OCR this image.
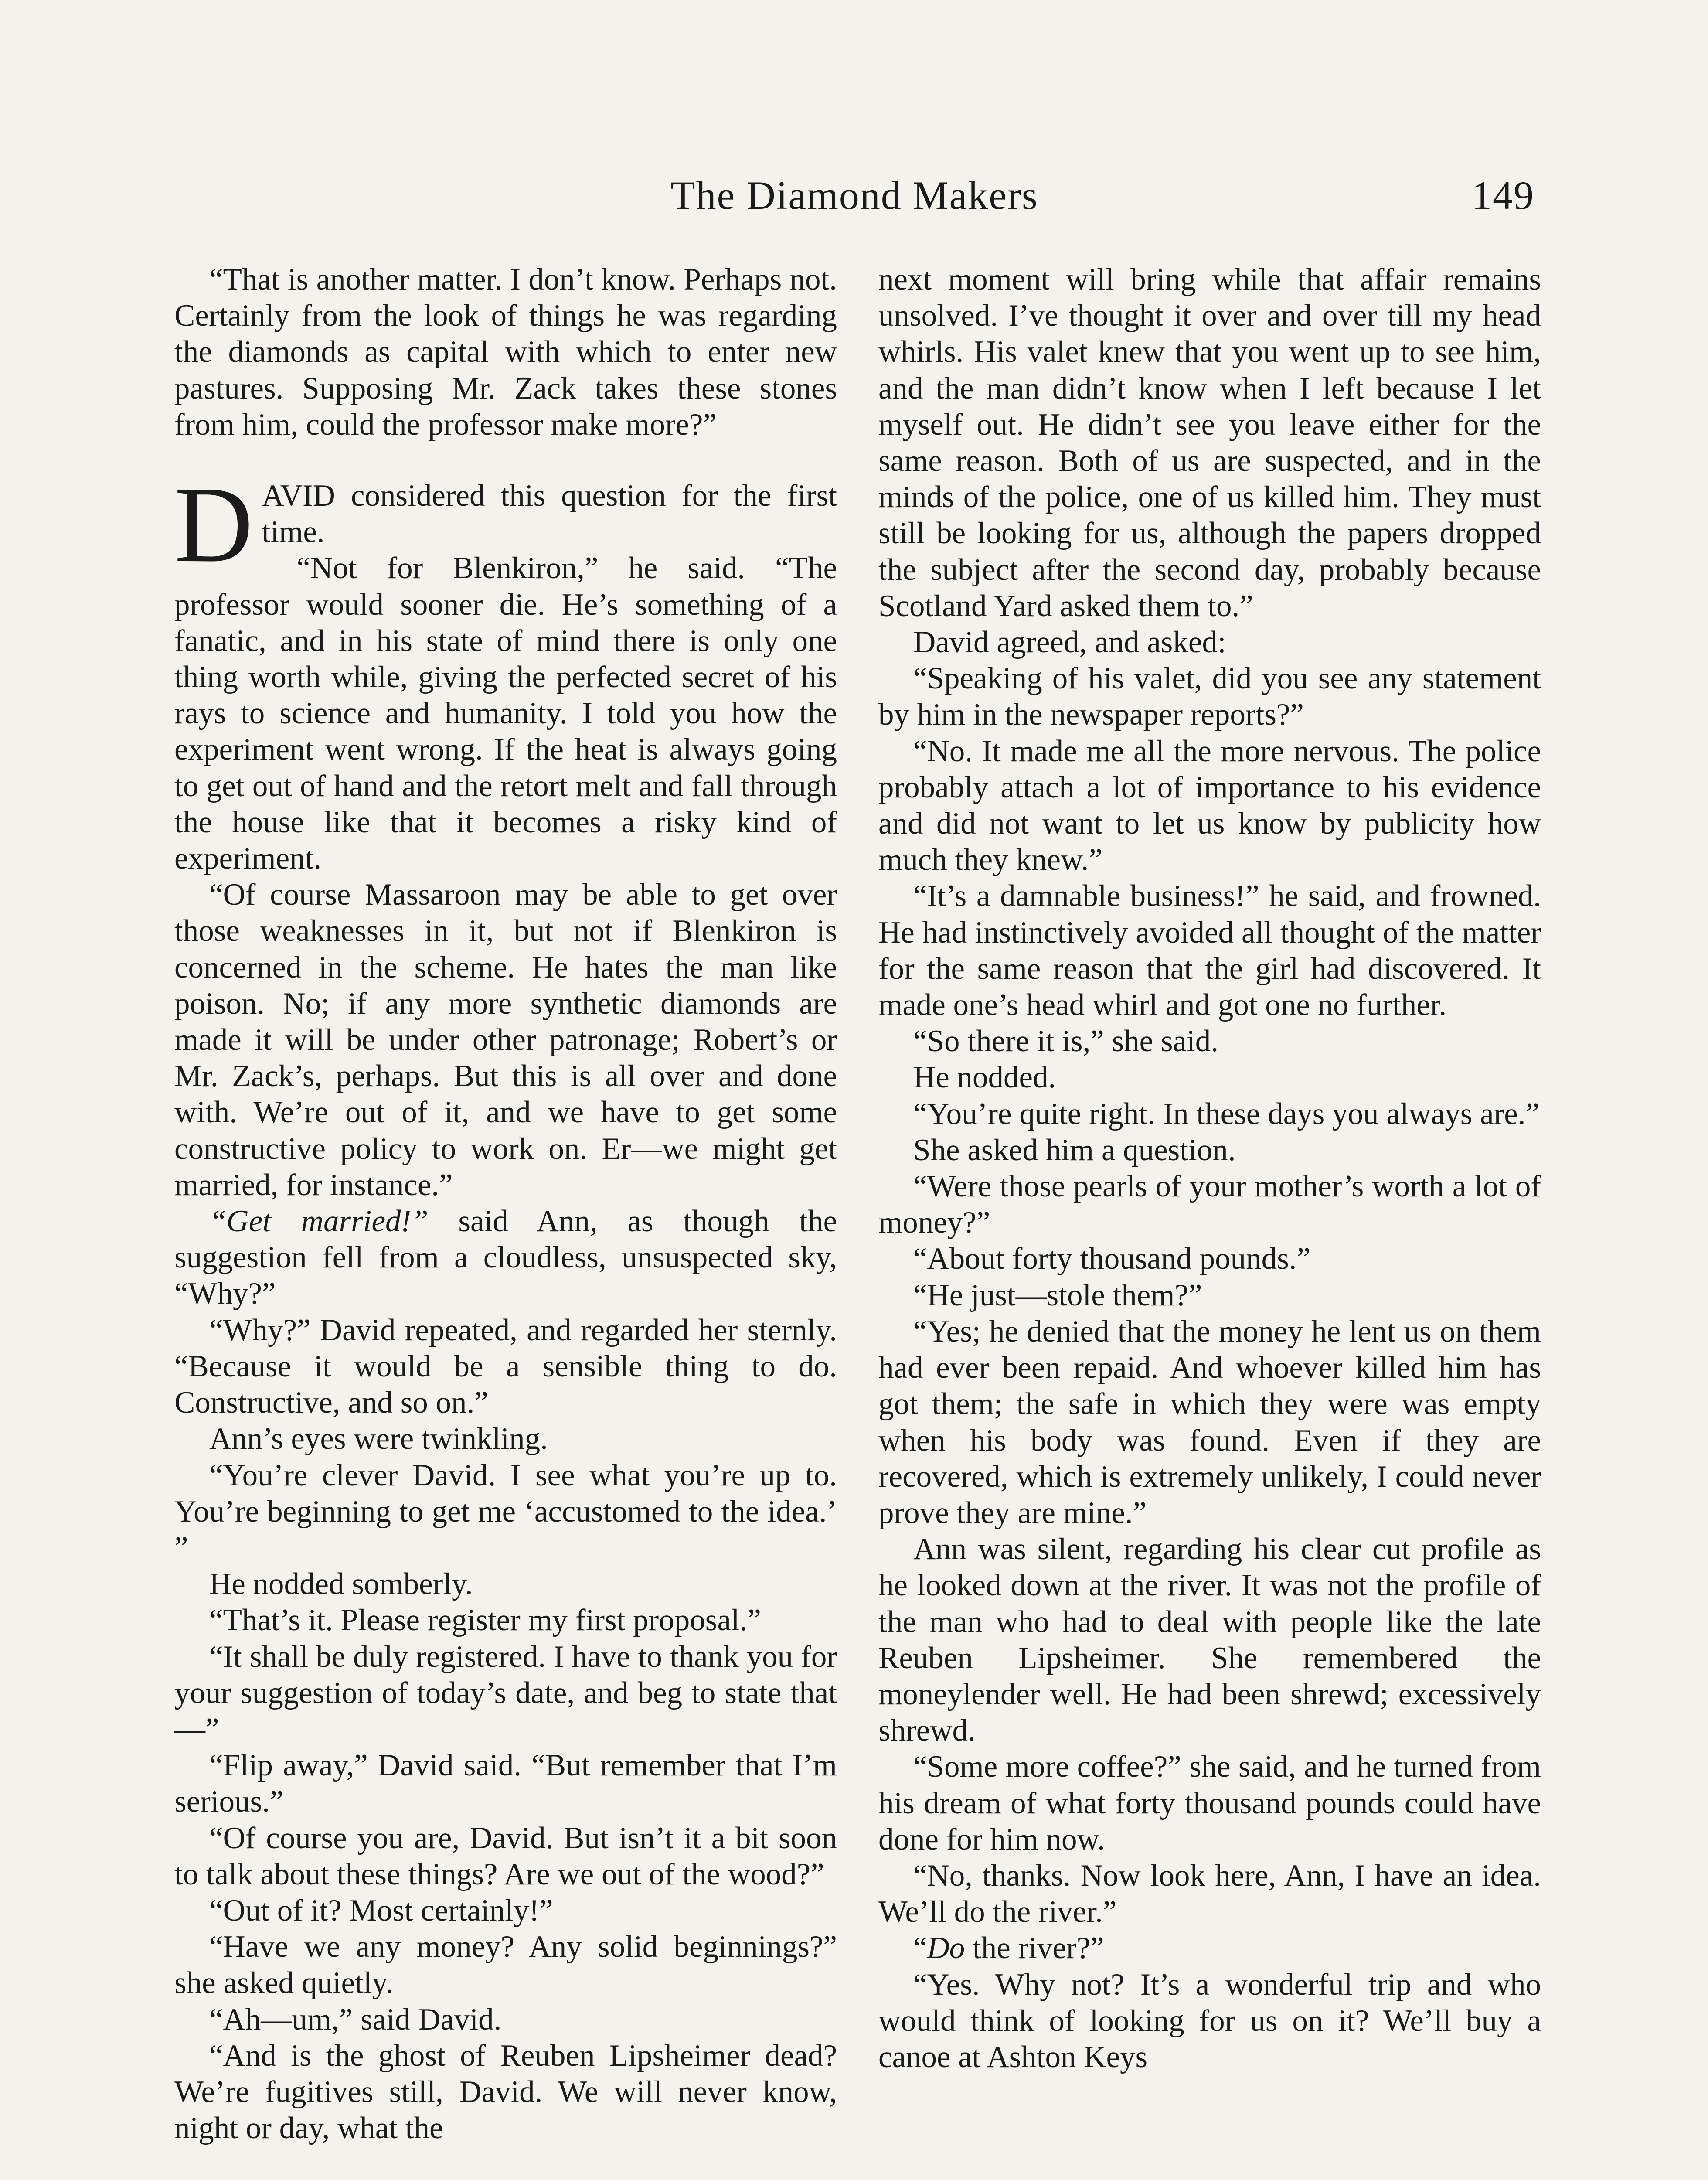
The Diamond Makers	149

“That is another matter. I don’t know. Perhaps not. Certainly from the look of things he was regarding the diamonds as capital with which to enter new pastures. Supposing Mr. Zack takes these stones from him, could the professor make more?”

DAVID considered this question for the first time.

“Not for Blenkiron,” he said. “The professor would sooner die. He’s something of a fanatic, and in his state of mind there is only one thing worth while, giving the perfected secret of his rays to science and humanity. I told you how the experiment went wrong. If the heat is always going to get out of hand and the retort melt and fall through the house like that it becomes a risky kind of experiment.

“Of course Massaroon may be able to get over those weaknesses in it, but not if Blenkiron is concerned in the scheme. He hates the man like poison. No; if any more synthetic diamonds are made it will be under other patronage; Robert’s or Mr. Zack’s, perhaps. But this is all over and done with. We’re out of it, and we have to get some constructive policy to work on. Er—we might get married, for instance.”

“Get married!” said Ann, as though the suggestion fell from a cloudless, unsuspected sky, “Why?”

“Why?” David repeated, and regarded her sternly. “Because it would be a sensible thing to do. Constructive, and so on.”

Ann’s eyes were twinkling.

“You’re clever David. I see what you’re up to. You’re beginning to get me ‘accustomed to the idea.’ ”

He nodded somberly.

“That’s it. Please register my first proposal.”

“It shall be duly registered. I have to thank you for your suggestion of today’s date, and beg to state that—”

“Flip away,” David said. “But remember that I’m serious.”

“Of course you are, David. But isn’t it a bit soon to talk about these things? Are we out of the wood?”

“Out of it? Most certainly!”

“Have we any money? Any solid beginnings?” she asked quietly.

“Ah—um,” said David.

“And is the ghost of Reuben Lipsheimer dead? We’re fugitives still, David. We will never know, night or day, what the

next moment will bring while that affair remains unsolved. I’ve thought it over and over till my head whirls. His valet knew that you went up to see him, and the man didn’t know when I left because I let myself out. He didn’t see you leave either for the same reason. Both of us are suspected, and in the minds of the police, one of us killed him. They must still be looking for us, although the papers dropped the subject after the second day, probably because Scotland Yard asked them to.”

David agreed, and asked:

“Speaking of his valet, did you see any statement by him in the newspaper reports?”

“No. It made me all the more nervous. The police probably attach a lot of importance to his evidence and did not want to let us know by publicity how much they knew.”

“It’s a damnable business!” he said, and frowned. He had instinctively avoided all thought of the matter for the same reason that the girl had discovered. It made one’s head whirl and got one no further.

“So there it is,” she said.

He nodded.

“You’re quite right. In these days you always are.”

She asked him a question.

“Were those pearls of your mother’s worth a lot of money?”

“About forty thousand pounds.”

“He just—stole them?”

“Yes; he denied that the money he lent us on them had ever been repaid. And whoever killed him has got them; the safe in which they were was empty when his body was found. Even if they are recovered, which is extremely unlikely, I could never prove they are mine.”

Ann was silent, regarding his clear cut profile as he looked down at the river. It was not the profile of the man who had to deal with people like the late Reuben Lipsheimer. She remembered the moneylender well. He had been shrewd; excessively shrewd.

“Some more coffee?” she said, and he turned from his dream of what forty thousand pounds could have done for him now.

“No, thanks. Now look here, Ann, I have an idea. We’ll do the river.”

“Do the river?”

“Yes. Why not? It’s a wonderful trip and who would think of looking for us on it? We’ll buy a canoe at Ashton Keys
